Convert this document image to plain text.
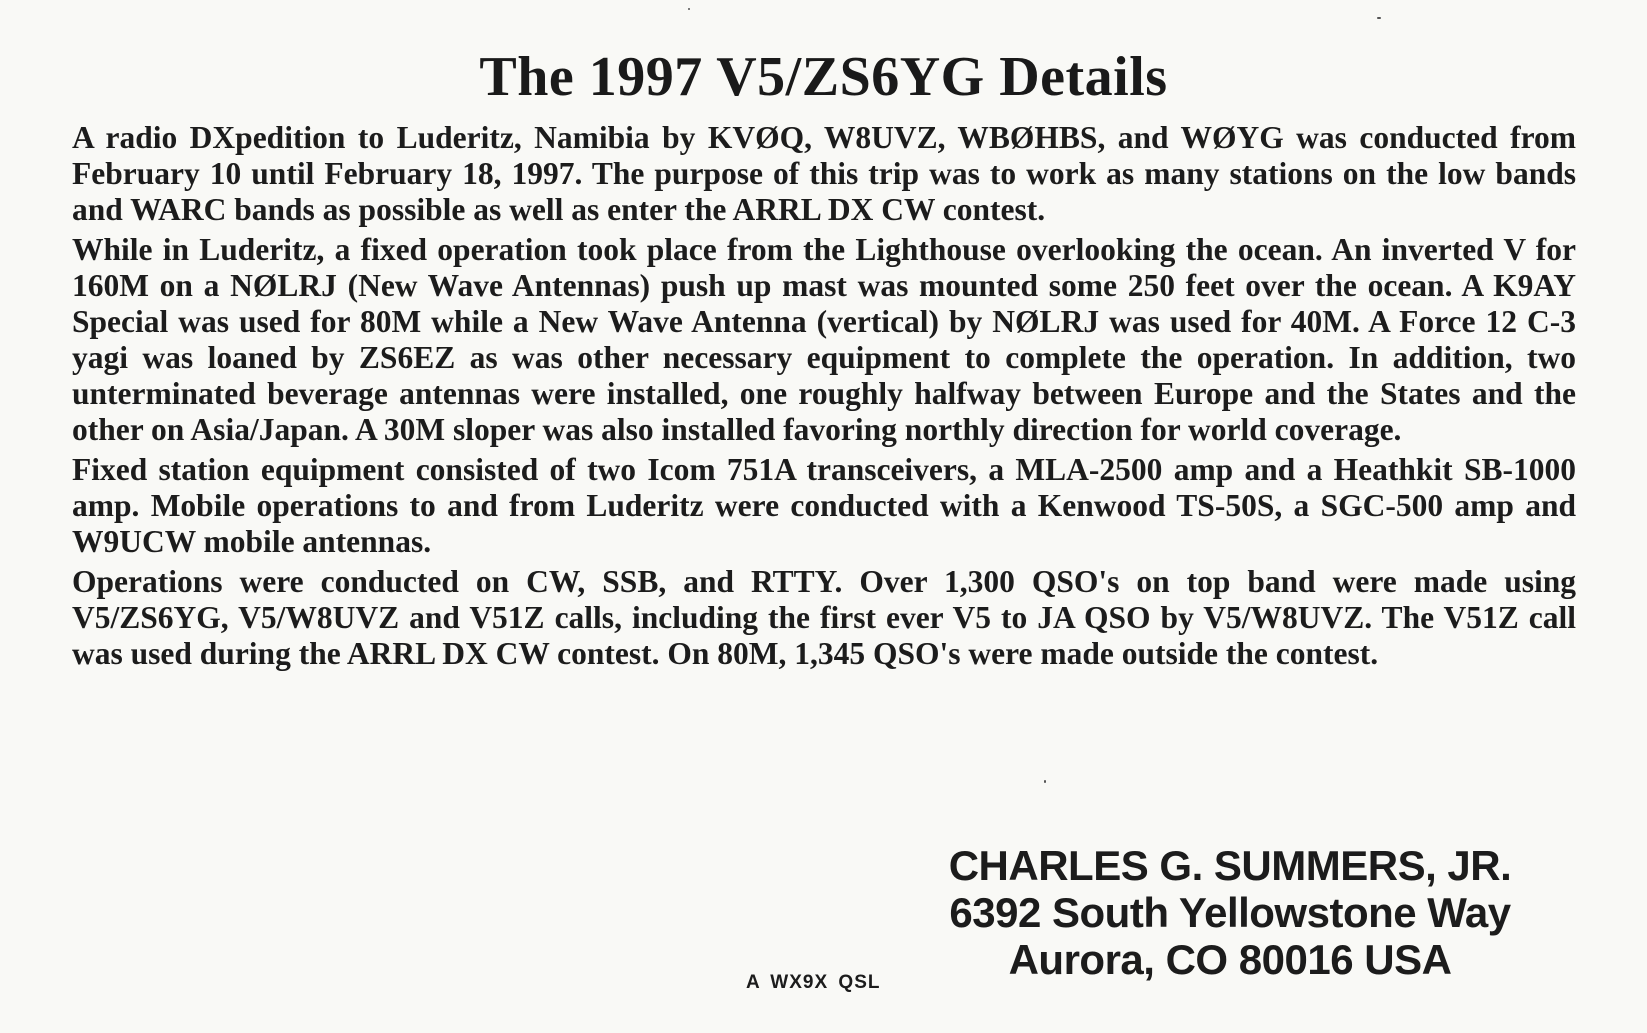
The 1997 V5/ZS6YG Details

A radio DXpedition to Luderitz, Namibia by KVØQ, W8UVZ, WBØHBS, and WØYG was conducted from February 10 until February 18, 1997. The purpose of this trip was to work as many stations on the low bands and WARC bands as possible as well as enter the ARRL DX CW contest.

While in Luderitz, a fixed operation took place from the Lighthouse overlooking the ocean. An inverted V for 160M on a NØLRJ (New Wave Antennas) push up mast was mounted some 250 feet over the ocean. A K9AY Special was used for 80M while a New Wave Antenna (vertical) by NØLRJ was used for 40M. A Force 12 C-3 yagi was loaned by ZS6EZ as was other necessary equipment to complete the operation. In addition, two unterminated beverage antennas were installed, one roughly halfway between Europe and the States and the other on Asia/Japan. A 30M sloper was also installed favoring northly direction for world coverage.

Fixed station equipment consisted of two Icom 751A transceivers, a MLA-2500 amp and a Heathkit SB-1000 amp. Mobile operations to and from Luderitz were conducted with a Kenwood TS-50S, a SGC-500 amp and W9UCW mobile antennas.

Operations were conducted on CW, SSB, and RTTY. Over 1,300 QSO's on top band were made using V5/ZS6YG, V5/W8UVZ and V51Z calls, including the first ever V5 to JA QSO by V5/W8UVZ. The V51Z call was used during the ARRL DX CW contest. On 80M, 1,345 QSO's were made outside the contest.

CHARLES G. SUMMERS, JR.
6392 South Yellowstone Way
Aurora, CO 80016 USA
A WX9X QSL
